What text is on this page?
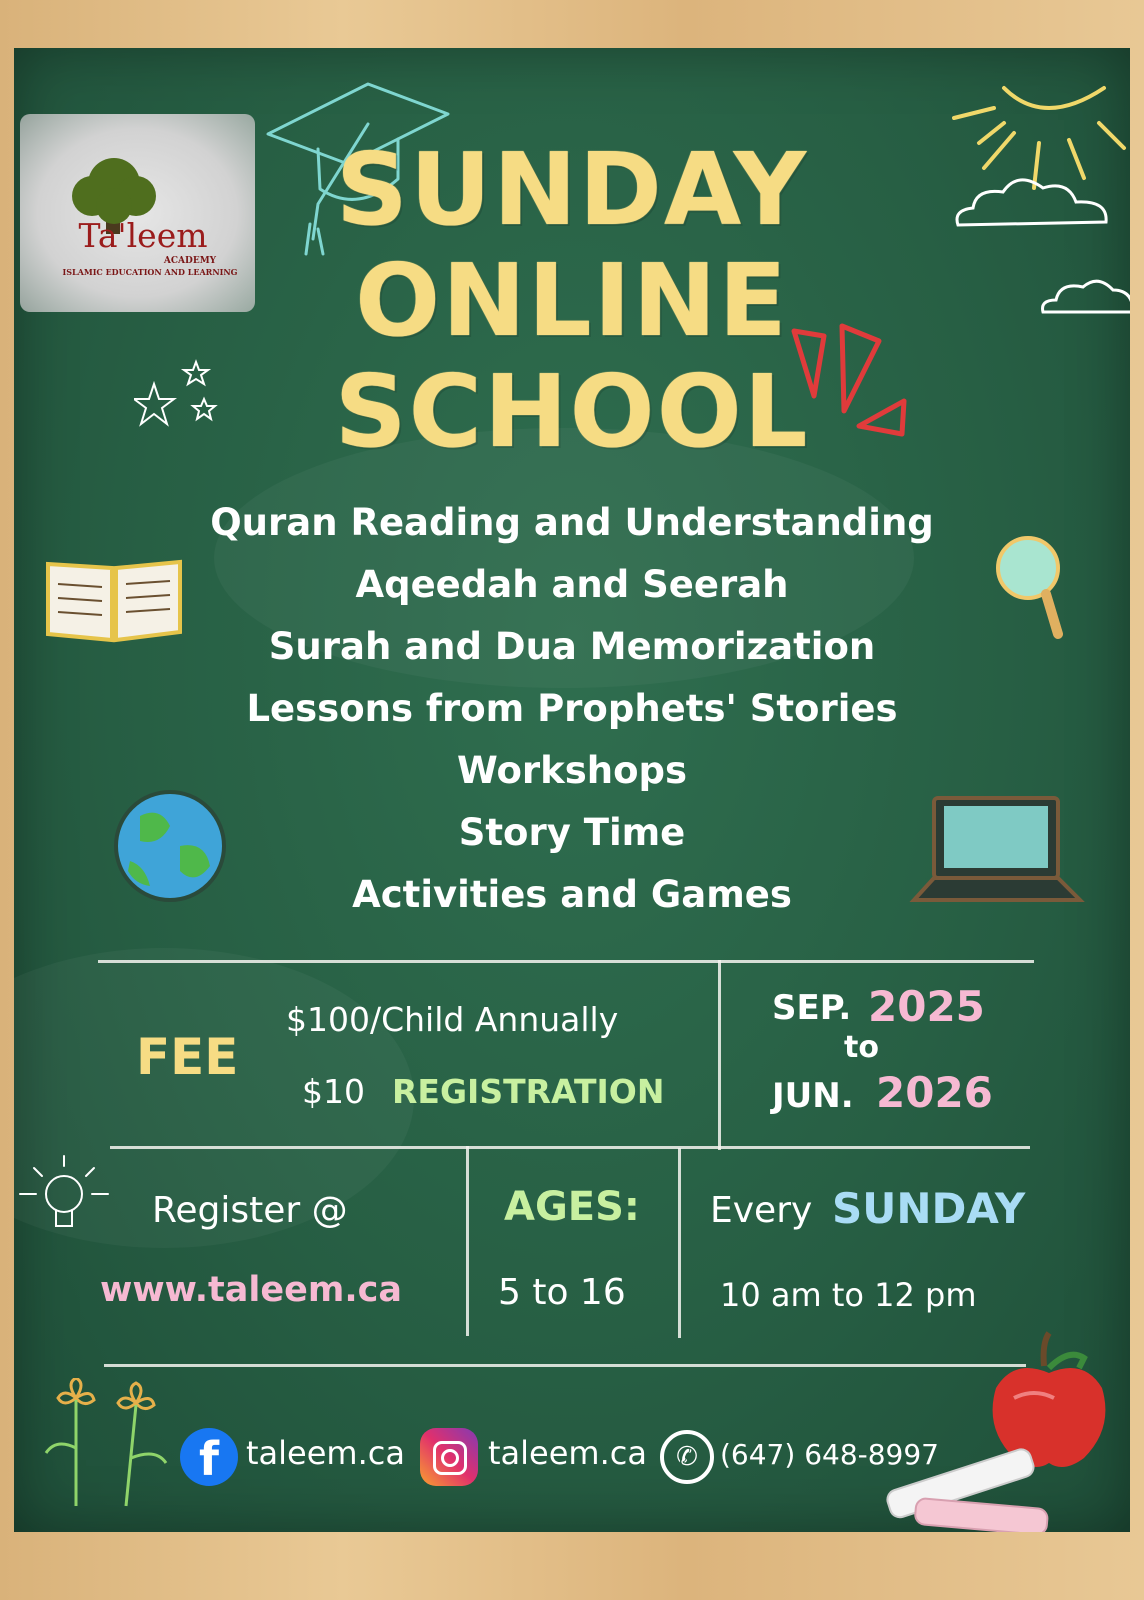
Ta'leem
ACADEMY
ISLAMIC EDUCATION AND LEARNING
SUNDAY
ONLINE
SCHOOL
Quran Reading and Understanding
Aqeedah and Seerah
Surah and Dua Memorization
Lessons from Prophets' Stories
Workshops
Story Time
Activities and Games
FEE
$100/Child Annually
$10 REGISTRATION
SEP. 2025
to
JUN. 2026
Register @
www.taleem.ca
AGES:
5 to 16
Every SUNDAY
10 am to 12 pm
f taleem.ca	taleem.ca	✆ (647) 648-8997
